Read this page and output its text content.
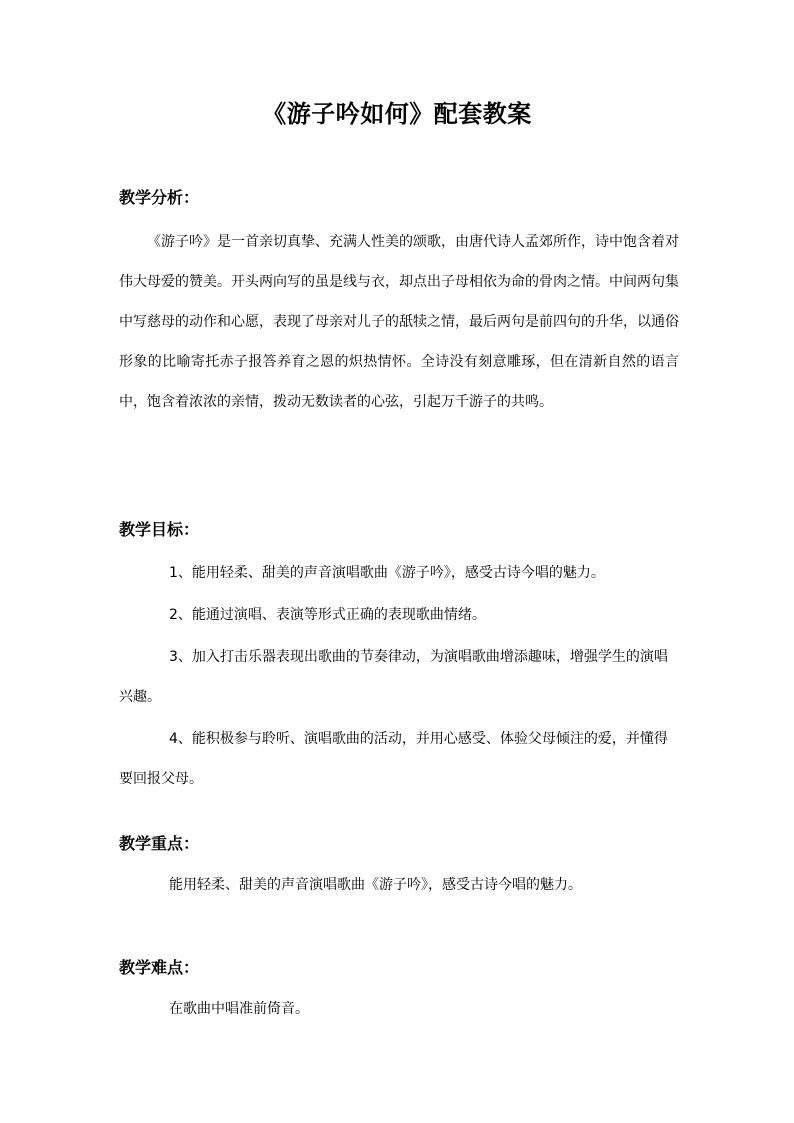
《游子吟如何》配套教案
教学分析：

《游子吟》是一首亲切真挚、充满人性美的颂歌，由唐代诗人孟郊所作，诗中饱含着对伟大母爱的赞美。开头两向写的虽是线与衣，却点出子母相依为命的骨肉之情。中间两句集中写慈母的动作和心愿，表现了母亲对儿子的舐犊之情，最后两句是前四句的升华，以通俗形象的比喻寄托赤子报答养育之恩的炽热情怀。全诗没有刻意雕琢，但在清新自然的语言中，饱含着浓浓的亲情，拨动无数读者的心弦，引起万千游子的共鸣。

教学目标：

1、能用轻柔、甜美的声音演唱歌曲《游子吟》，感受古诗今唱的魅力。

2、能通过演唱、表演等形式正确的表现歌曲情绪。

3、加入打击乐器表现出歌曲的节奏律动，为演唱歌曲增添趣味，增强学生的演唱兴趣。

4、能积极参与聆听、演唱歌曲的活动，并用心感受、体验父母倾注的爱，并懂得要回报父母。

教学重点：

能用轻柔、甜美的声音演唱歌曲《游子吟》，感受古诗今唱的魅力。

教学难点：

在歌曲中唱准前倚音。
